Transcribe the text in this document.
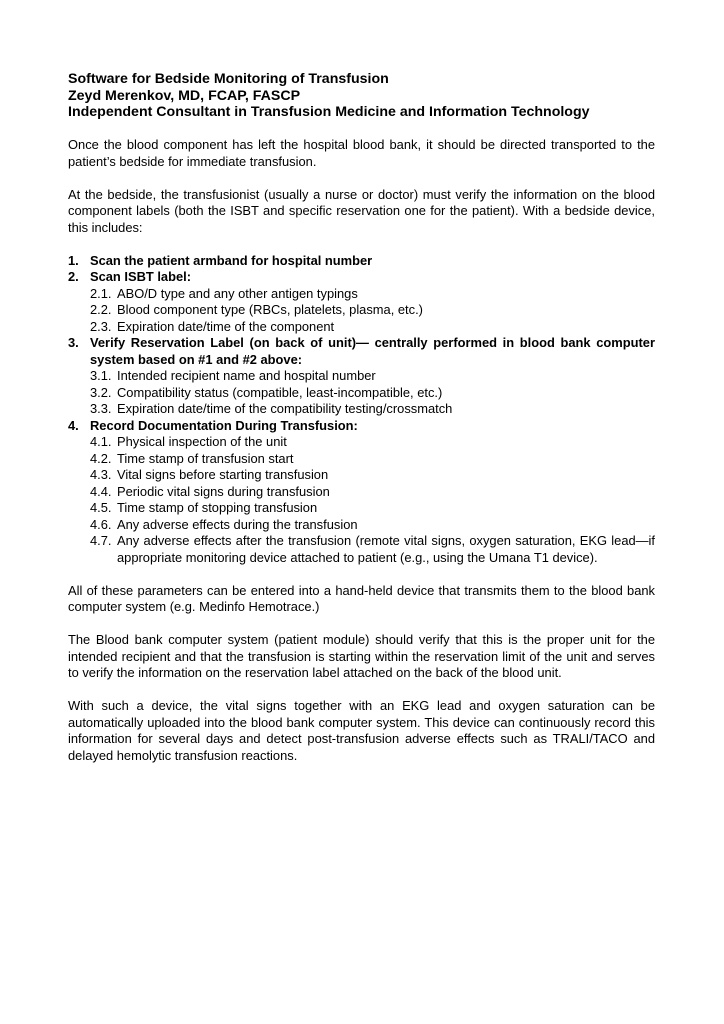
Software for Bedside Monitoring of Transfusion
Zeyd Merenkov, MD, FCAP, FASCP
Independent Consultant in Transfusion Medicine and Information Technology

Once the blood component has left the hospital blood bank, it should be directed transported to the patient’s bedside for immediate transfusion.

At the bedside, the transfusionist (usually a nurse or doctor) must verify the information on the blood component labels (both the ISBT and specific reservation one for the patient). With a bedside device, this includes:

1. Scan the patient armband for hospital number
2. Scan ISBT label:
2.1. ABO/D type and any other antigen typings
2.2. Blood component type (RBCs, platelets, plasma, etc.)
2.3. Expiration date/time of the component
3. Verify Reservation Label (on back of unit)— centrally performed in blood bank computer system based on #1 and #2 above:
3.1. Intended recipient name and hospital number
3.2. Compatibility status (compatible, least-incompatible, etc.)
3.3. Expiration date/time of the compatibility testing/crossmatch
4. Record Documentation During Transfusion:
4.1. Physical inspection of the unit
4.2. Time stamp of transfusion start
4.3. Vital signs before starting transfusion
4.4. Periodic vital signs during transfusion
4.5. Time stamp of stopping transfusion
4.6. Any adverse effects during the transfusion
4.7. Any adverse effects after the transfusion (remote vital signs, oxygen saturation, EKG lead—if appropriate monitoring device attached to patient (e.g., using the Umana T1 device).

All of these parameters can be entered into a hand-held device that transmits them to the blood bank computer system (e.g. Medinfo Hemotrace.)

The Blood bank computer system (patient module) should verify that this is the proper unit for the intended recipient and that the transfusion is starting within the reservation limit of the unit and serves to verify the information on the reservation label attached on the back of the blood unit.

With such a device, the vital signs together with an EKG lead and oxygen saturation can be automatically uploaded into the blood bank computer system. This device can continuously record this information for several days and detect post-transfusion adverse effects such as TRALI/TACO and delayed hemolytic transfusion reactions.
